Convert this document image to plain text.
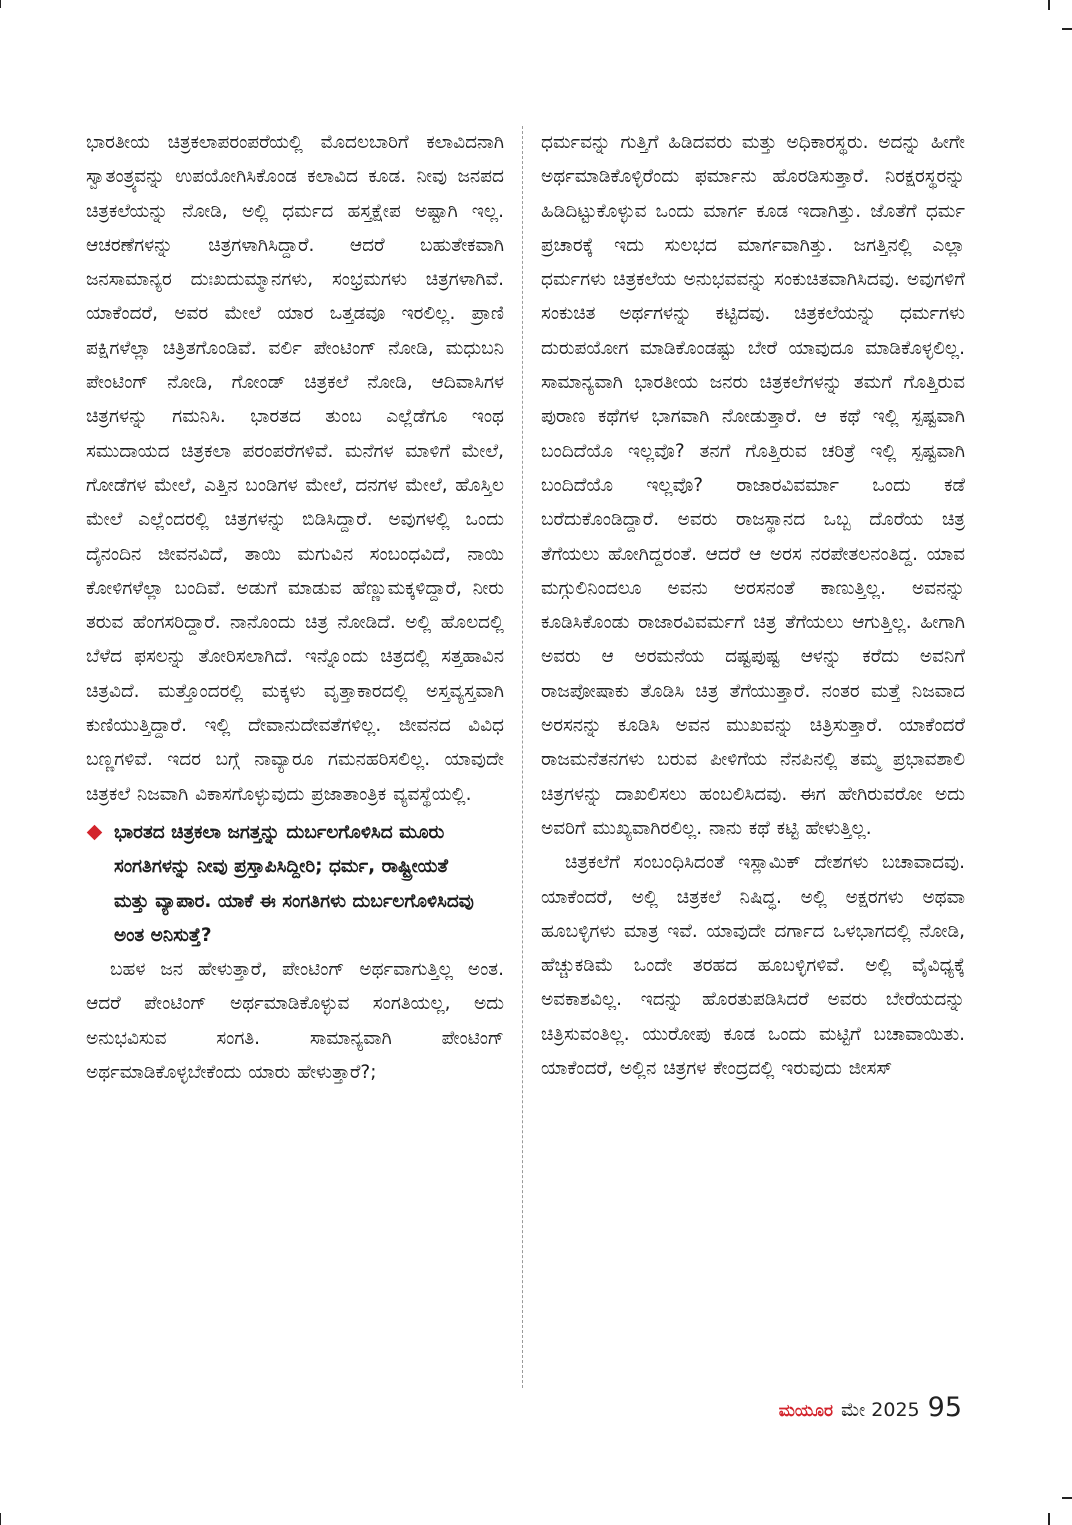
ಭಾರತೀಯ ಚಿತ್ರಕಲಾಪರಂಪರೆಯಲ್ಲಿ ಮೊದಲಬಾರಿಗೆ ಕಲಾವಿದನಾಗಿ ಸ್ವಾತಂತ್ರ್ಯವನ್ನು ಉಪಯೋಗಿಸಿಕೊಂಡ ಕಲಾವಿದ ಕೂಡ. ನೀವು ಜನಪದ ಚಿತ್ರಕಲೆಯನ್ನು ನೋಡಿ, ಅಲ್ಲಿ ಧರ್ಮದ ಹಸ್ತಕ್ಷೇಪ ಅಷ್ಟಾಗಿ ಇಲ್ಲ. ಆಚರಣೆಗಳನ್ನು ಚಿತ್ರಗಳಾಗಿಸಿದ್ದಾರೆ. ಆದರೆ ಬಹುತೇಕವಾಗಿ ಜನಸಾಮಾನ್ಯರ ದುಃಖದುಮ್ಮಾನಗಳು, ಸಂಭ್ರಮಗಳು ಚಿತ್ರಗಳಾಗಿವೆ. ಯಾಕೆಂದರೆ, ಅವರ ಮೇಲೆ ಯಾರ ಒತ್ತಡವೂ ಇರಲಿಲ್ಲ. ಪ್ರಾಣಿ ಪಕ್ಷಿಗಳೆಲ್ಲಾ ಚಿತ್ರಿತಗೊಂಡಿವೆ. ವರ್ಲಿ ಪೇಂಟಿಂಗ್ ನೋಡಿ, ಮಧುಬನಿ ಪೇಂಟಿಂಗ್ ನೋಡಿ, ಗೋಂಡ್ ಚಿತ್ರಕಲೆ ನೋಡಿ, ಆದಿವಾಸಿಗಳ ಚಿತ್ರಗಳನ್ನು ಗಮನಿಸಿ. ಭಾರತದ ತುಂಬ ಎಲ್ಲೆಡೆಗೂ ಇಂಥ ಸಮುದಾಯದ ಚಿತ್ರಕಲಾ ಪರಂಪರೆಗಳಿವೆ. ಮನೆಗಳ ಮಾಳಿಗೆ ಮೇಲೆ, ಗೋಡೆಗಳ ಮೇಲೆ, ಎತ್ತಿನ ಬಂಡಿಗಳ ಮೇಲೆ, ದನಗಳ ಮೇಲೆ, ಹೊಸ್ತಿಲ ಮೇಲೆ ಎಲ್ಲೆಂದರಲ್ಲಿ ಚಿತ್ರಗಳನ್ನು ಬಿಡಿಸಿದ್ದಾರೆ. ಅವುಗಳಲ್ಲಿ ಒಂದು ದೈನಂದಿನ ಜೀವನವಿದೆ, ತಾಯಿ ಮಗುವಿನ ಸಂಬಂಧವಿದೆ, ನಾಯಿ ಕೋಳಿಗಳೆಲ್ಲಾ ಬಂದಿವೆ. ಅಡುಗೆ ಮಾಡುವ ಹೆಣ್ಣುಮಕ್ಕಳಿದ್ದಾರೆ, ನೀರು ತರುವ ಹೆಂಗಸರಿದ್ದಾರೆ. ನಾನೊಂದು ಚಿತ್ರ ನೋಡಿದೆ. ಅಲ್ಲಿ ಹೊಲದಲ್ಲಿ ಬೆಳೆದ ಫಸಲನ್ನು ತೋರಿಸಲಾಗಿದೆ. ಇನ್ನೊಂದು ಚಿತ್ರದಲ್ಲಿ ಸತ್ತಹಾವಿನ ಚಿತ್ರವಿದೆ. ಮತ್ತೊಂದರಲ್ಲಿ ಮಕ್ಕಳು ವೃತ್ತಾಕಾರದಲ್ಲಿ ಅಸ್ತವ್ಯಸ್ತವಾಗಿ ಕುಣಿಯುತ್ತಿದ್ದಾರೆ. ಇಲ್ಲಿ ದೇವಾನುದೇವತೆಗಳಿಲ್ಲ. ಜೀವನದ ವಿವಿಧ ಬಣ್ಣಗಳಿವೆ. ಇದರ ಬಗ್ಗೆ ನಾವ್ಯಾರೂ ಗಮನಹರಿಸಲಿಲ್ಲ. ಯಾವುದೇ ಚಿತ್ರಕಲೆ ನಿಜವಾಗಿ ವಿಕಾಸಗೊಳ್ಳುವುದು ಪ್ರಜಾತಾಂತ್ರಿಕ ವ್ಯವಸ್ಥೆಯಲ್ಲಿ.

ಭಾರತದ ಚಿತ್ರಕಲಾ ಜಗತ್ತನ್ನು ದುರ್ಬಲಗೊಳಿಸಿದ ಮೂರು ಸಂಗತಿಗಳನ್ನು ನೀವು ಪ್ರಸ್ತಾಪಿಸಿದ್ದೀರಿ; ಧರ್ಮ, ರಾಷ್ಟ್ರೀಯತೆ ಮತ್ತು ವ್ಯಾಪಾರ. ಯಾಕೆ ಈ ಸಂಗತಿಗಳು ದುರ್ಬಲಗೊಳಿಸಿದವು ಅಂತ ಅನಿಸುತ್ತೆ?

ಬಹಳ ಜನ ಹೇಳುತ್ತಾರೆ, ಪೇಂಟಿಂಗ್ ಅರ್ಥವಾಗುತ್ತಿಲ್ಲ ಅಂತ. ಆದರೆ ಪೇಂಟಿಂಗ್ ಅರ್ಥಮಾಡಿಕೊಳ್ಳುವ ಸಂಗತಿಯಲ್ಲ, ಅದು ಅನುಭವಿಸುವ ಸಂಗತಿ. ಸಾಮಾನ್ಯವಾಗಿ ಪೇಂಟಿಂಗ್ ಅರ್ಥಮಾಡಿಕೊಳ್ಳಬೇಕೆಂದು ಯಾರು ಹೇಳುತ್ತಾರೆ?;

ಧರ್ಮವನ್ನು ಗುತ್ತಿಗೆ ಹಿಡಿದವರು ಮತ್ತು ಅಧಿಕಾರಸ್ಥರು. ಅದನ್ನು ಹೀಗೇ ಅರ್ಥಮಾಡಿಕೊಳ್ಳಿರೆಂದು ಫರ್ಮಾನು ಹೊರಡಿಸುತ್ತಾರೆ. ನಿರಕ್ಷರಸ್ಥರನ್ನು ಹಿಡಿದಿಟ್ಟುಕೊಳ್ಳುವ ಒಂದು ಮಾರ್ಗ ಕೂಡ ಇದಾಗಿತ್ತು. ಜೊತೆಗೆ ಧರ್ಮ ಪ್ರಚಾರಕ್ಕೆ ಇದು ಸುಲಭದ ಮಾರ್ಗವಾಗಿತ್ತು. ಜಗತ್ತಿನಲ್ಲಿ ಎಲ್ಲಾ ಧರ್ಮಗಳು ಚಿತ್ರಕಲೆಯ ಅನುಭವವನ್ನು ಸಂಕುಚಿತವಾಗಿಸಿದವು. ಅವುಗಳಿಗೆ ಸಂಕುಚಿತ ಅರ್ಥಗಳನ್ನು ಕಟ್ಟಿದವು. ಚಿತ್ರಕಲೆಯನ್ನು ಧರ್ಮಗಳು ದುರುಪಯೋಗ ಮಾಡಿಕೊಂಡಷ್ಟು ಬೇರೆ ಯಾವುದೂ ಮಾಡಿಕೊಳ್ಳಲಿಲ್ಲ. ಸಾಮಾನ್ಯವಾಗಿ ಭಾರತೀಯ ಜನರು ಚಿತ್ರಕಲೆಗಳನ್ನು ತಮಗೆ ಗೊತ್ತಿರುವ ಪುರಾಣ ಕಥೆಗಳ ಭಾಗವಾಗಿ ನೋಡುತ್ತಾರೆ. ಆ ಕಥೆ ಇಲ್ಲಿ ಸ್ಪಷ್ಟವಾಗಿ ಬಂದಿದೆಯೊ ಇಲ್ಲವೊ? ತನಗೆ ಗೊತ್ತಿರುವ ಚರಿತ್ರೆ ಇಲ್ಲಿ ಸ್ಪಷ್ಟವಾಗಿ ಬಂದಿದೆಯೊ ಇಲ್ಲವೊ? ರಾಜಾರವಿವರ್ಮಾ ಒಂದು ಕಡೆ ಬರೆದುಕೊಂಡಿದ್ದಾರೆ. ಅವರು ರಾಜಸ್ಥಾನದ ಒಬ್ಬ ದೊರೆಯ ಚಿತ್ರ ತೆಗೆಯಲು ಹೋಗಿದ್ದರಂತೆ. ಆದರೆ ಆ ಅರಸ ನರಪೇತಲನಂತಿದ್ದ. ಯಾವ ಮಗ್ಗುಲಿನಿಂದಲೂ ಅವನು ಅರಸನಂತೆ ಕಾಣುತ್ತಿಲ್ಲ. ಅವನನ್ನು ಕೂಡಿಸಿಕೊಂಡು ರಾಜಾರವಿವರ್ಮಗೆ ಚಿತ್ರ ತೆಗೆಯಲು ಆಗುತ್ತಿಲ್ಲ. ಹೀಗಾಗಿ ಅವರು ಆ ಅರಮನೆಯ ದಷ್ಟಪುಷ್ಟ ಆಳನ್ನು ಕರೆದು ಅವನಿಗೆ ರಾಜಪೋಷಾಕು ತೊಡಿಸಿ ಚಿತ್ರ ತೆಗೆಯುತ್ತಾರೆ. ನಂತರ ಮತ್ತೆ ನಿಜವಾದ ಅರಸನನ್ನು ಕೂಡಿಸಿ ಅವನ ಮುಖವನ್ನು ಚಿತ್ರಿಸುತ್ತಾರೆ. ಯಾಕೆಂದರೆ ರಾಜಮನೆತನಗಳು ಬರುವ ಪೀಳಿಗೆಯ ನೆನಪಿನಲ್ಲಿ ತಮ್ಮ ಪ್ರಭಾವಶಾಲಿ ಚಿತ್ರಗಳನ್ನು ದಾಖಲಿಸಲು ಹಂಬಲಿಸಿದವು. ಈಗ ಹೇಗಿರುವರೋ ಅದು ಅವರಿಗೆ ಮುಖ್ಯವಾಗಿರಲಿಲ್ಲ. ನಾನು ಕಥೆ ಕಟ್ಟಿ ಹೇಳುತ್ತಿಲ್ಲ.

ಚಿತ್ರಕಲೆಗೆ ಸಂಬಂಧಿಸಿದಂತೆ ಇಸ್ಲಾಮಿಕ್ ದೇಶಗಳು ಬಚಾವಾದವು. ಯಾಕೆಂದರೆ, ಅಲ್ಲಿ ಚಿತ್ರಕಲೆ ನಿಷಿದ್ಧ. ಅಲ್ಲಿ ಅಕ್ಷರಗಳು ಅಥವಾ ಹೂಬಳ್ಳಿಗಳು ಮಾತ್ರ ಇವೆ. ಯಾವುದೇ ದರ್ಗಾದ ಒಳಭಾಗದಲ್ಲಿ ನೋಡಿ, ಹೆಚ್ಚುಕಡಿಮೆ ಒಂದೇ ತರಹದ ಹೂಬಳ್ಳಿಗಳಿವೆ. ಅಲ್ಲಿ ವೈವಿಧ್ಯಕ್ಕೆ ಅವಕಾಶವಿಲ್ಲ. ಇದನ್ನು ಹೊರತುಪಡಿಸಿದರೆ ಅವರು ಬೇರೆಯದನ್ನು ಚಿತ್ರಿಸುವಂತಿಲ್ಲ. ಯುರೋಪು ಕೂಡ ಒಂದು ಮಟ್ಟಿಗೆ ಬಚಾವಾಯಿತು. ಯಾಕೆಂದರೆ, ಅಲ್ಲಿನ ಚಿತ್ರಗಳ ಕೇಂದ್ರದಲ್ಲಿ ಇರುವುದು ಜೀಸಸ್

ಮಯೂರ ಮೇ 2025 95
